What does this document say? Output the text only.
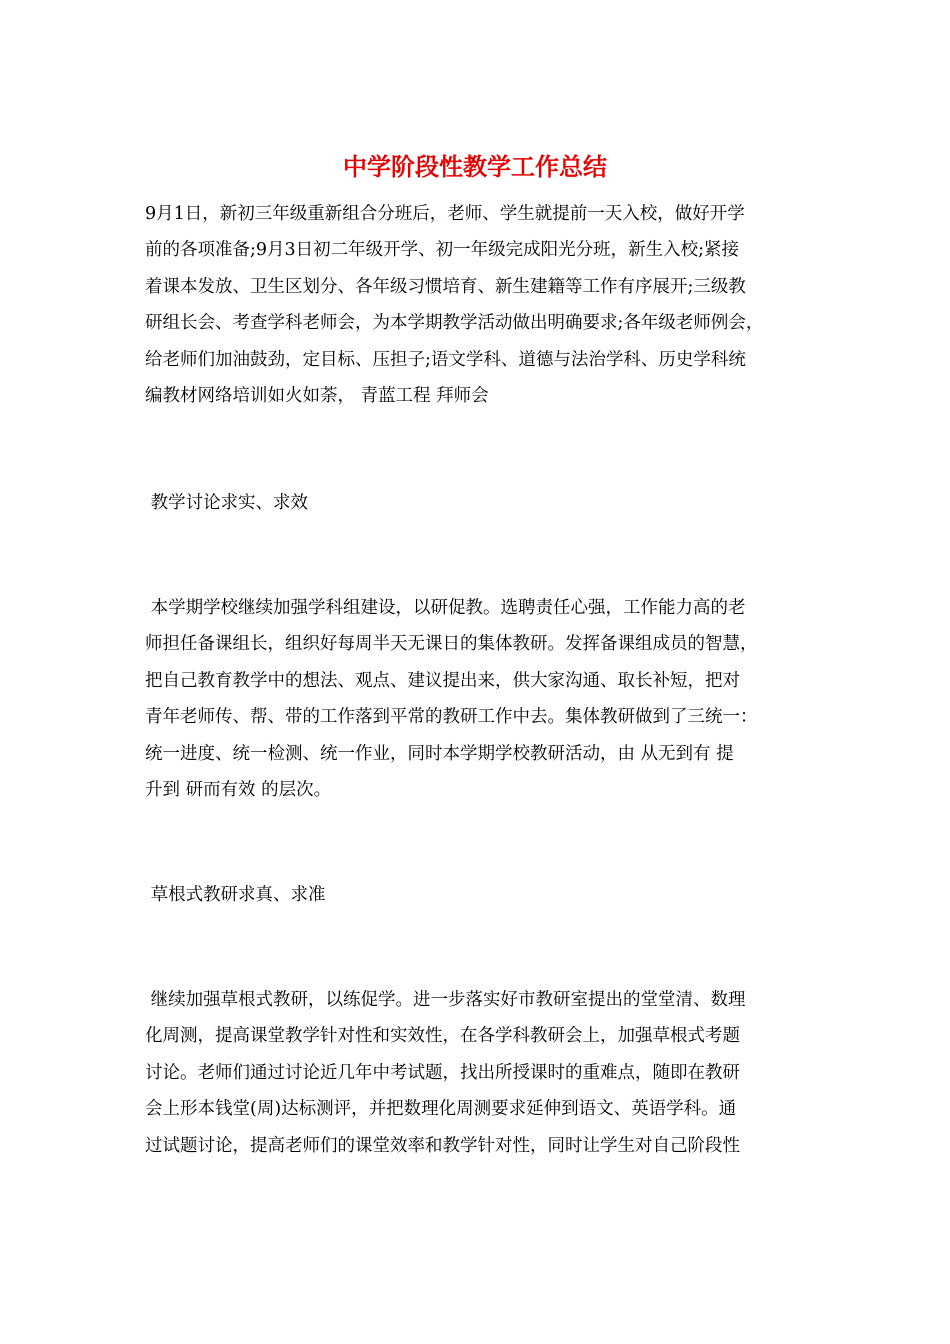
中学阶段性教学工作总结
9月1日，新初三年级重新组合分班后，老师、学生就提前一天入校，做好开学
前的各项准备;9月3日初二年级开学、初一年级完成阳光分班，新生入校;紧接
着课本发放、卫生区划分、各年级习惯培育、新生建籍等工作有序展开;三级教
研组长会、考查学科老师会，为本学期教学活动做出明确要求;各年级老师例会，
给老师们加油鼓劲，定目标、压担子;语文学科、道德与法治学科、历史学科统
编教材网络培训如火如荼， 青蓝工程 拜师会

教学讨论求实、求效

本学期学校继续加强学科组建设，以研促教。选聘责任心强，工作能力高的老
师担任备课组长，组织好每周半天无课日的集体教研。发挥备课组成员的智慧，
把自己教育教学中的想法、观点、建议提出来，供大家沟通、取长补短，把对
青年老师传、帮、带的工作落到平常的教研工作中去。集体教研做到了三统一：
统一进度、统一检测、统一作业，同时本学期学校教研活动，由 从无到有 提
升到 研而有效 的层次。

草根式教研求真、求准

继续加强草根式教研，以练促学。进一步落实好市教研室提出的堂堂清、数理
化周测，提高课堂教学针对性和实效性，在各学科教研会上，加强草根式考题
讨论。老师们通过讨论近几年中考试题，找出所授课时的重难点，随即在教研
会上形本钱堂(周)达标测评，并把数理化周测要求延伸到语文、英语学科。通
过试题讨论，提高老师们的课堂效率和教学针对性，同时让学生对自己阶段性
